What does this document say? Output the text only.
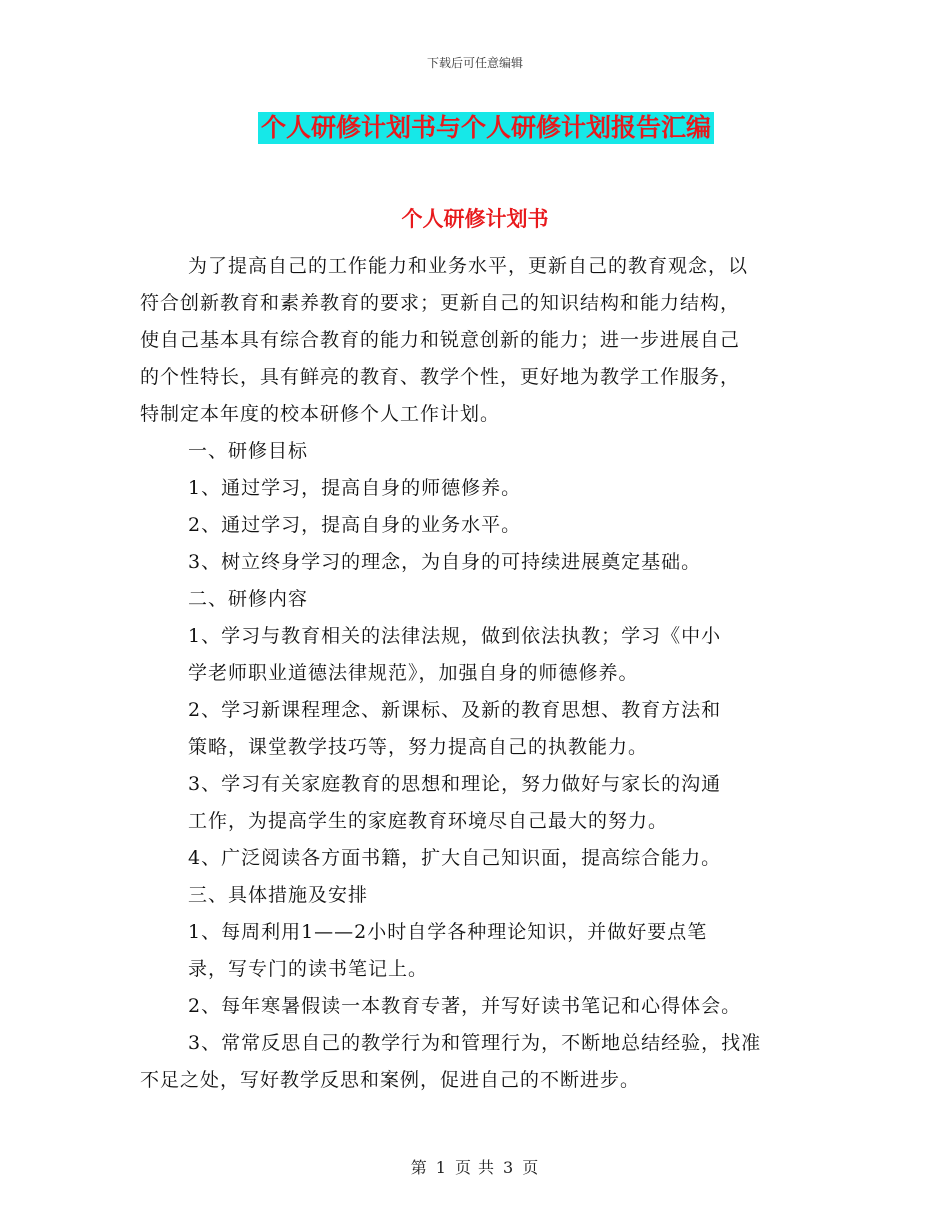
下载后可任意编辑
个人研修计划书与个人研修计划报告汇编
个人研修计划书
为了提高自己的工作能力和业务水平，更新自己的教育观念，以
符合创新教育和素养教育的要求；更新自己的知识结构和能力结构，
使自己基本具有综合教育的能力和锐意创新的能力；进一步进展自己
的个性特长，具有鲜亮的教育、教学个性，更好地为教学工作服务，
特制定本年度的校本研修个人工作计划。
一、研修目标
1、通过学习，提高自身的师德修养。
2、通过学习，提高自身的业务水平。
3、树立终身学习的理念，为自身的可持续进展奠定基础。
二、研修内容
1、学习与教育相关的法律法规，做到依法执教；学习《中小
学老师职业道德法律规范》，加强自身的师德修养。
2、学习新课程理念、新课标、及新的教育思想、教育方法和
策略，课堂教学技巧等，努力提高自己的执教能力。
3、学习有关家庭教育的思想和理论，努力做好与家长的沟通
工作，为提高学生的家庭教育环境尽自己最大的努力。
4、广泛阅读各方面书籍，扩大自己知识面，提高综合能力。
三、具体措施及安排
1、每周利用1——2小时自学各种理论知识，并做好要点笔
录，写专门的读书笔记上。
2、每年寒暑假读一本教育专著，并写好读书笔记和心得体会。
3、常常反思自己的教学行为和管理行为，不断地总结经验，找准
不足之处，写好教学反思和案例，促进自己的不断进步。
第 1 页 共 3 页
